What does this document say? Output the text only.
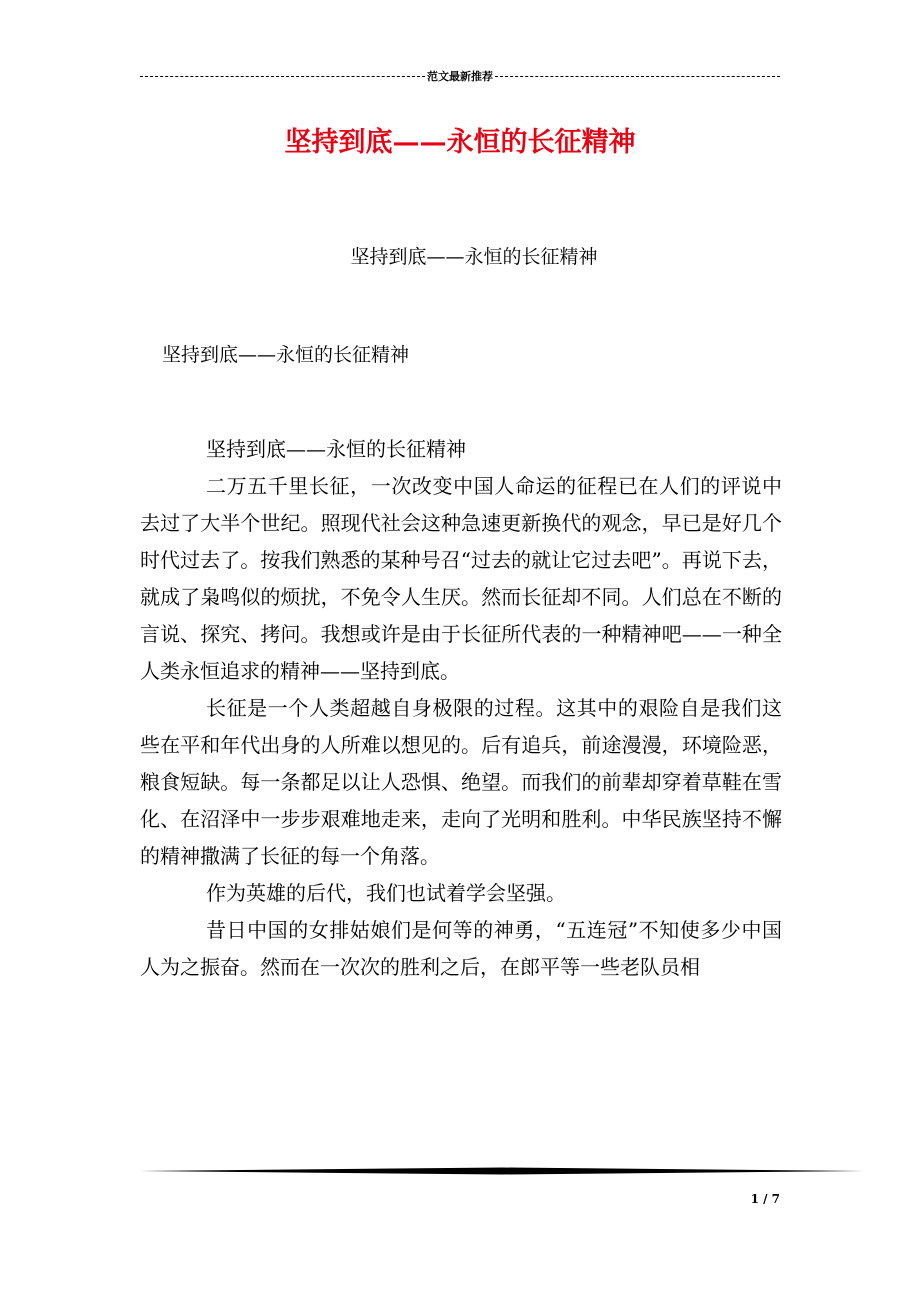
范文最新推荐
坚持到底——永恒的长征精神
坚持到底——永恒的长征精神
坚持到底——永恒的长征精神

坚持到底——永恒的长征精神

二万五千里长征，一次改变中国人命运的征程已在人们的评说中去过了大半个世纪。照现代社会这种急速更新换代的观念，早已是好几个时代过去了。按我们熟悉的某种号召“过去的就让它过去吧”。再说下去，就成了枭鸣似的烦扰，不免令人生厌。然而长征却不同。人们总在不断的言说、探究、拷问。我想或许是由于长征所代表的一种精神吧——一种全人类永恒追求的精神——坚持到底。

长征是一个人类超越自身极限的过程。这其中的艰险自是我们这些在平和年代出身的人所难以想见的。后有追兵，前途漫漫，环境险恶，粮食短缺。每一条都足以让人恐惧、绝望。而我们的前辈却穿着草鞋在雪化、在沼泽中一步步艰难地走来，走向了光明和胜利。中华民族坚持不懈的精神撒满了长征的每一个角落。

作为英雄的后代，我们也试着学会坚强。

昔日中国的女排姑娘们是何等的神勇，“五连冠”不知使多少中国人为之振奋。然而在一次次的胜利之后，在郎平等一些老队员相

1 / 7
